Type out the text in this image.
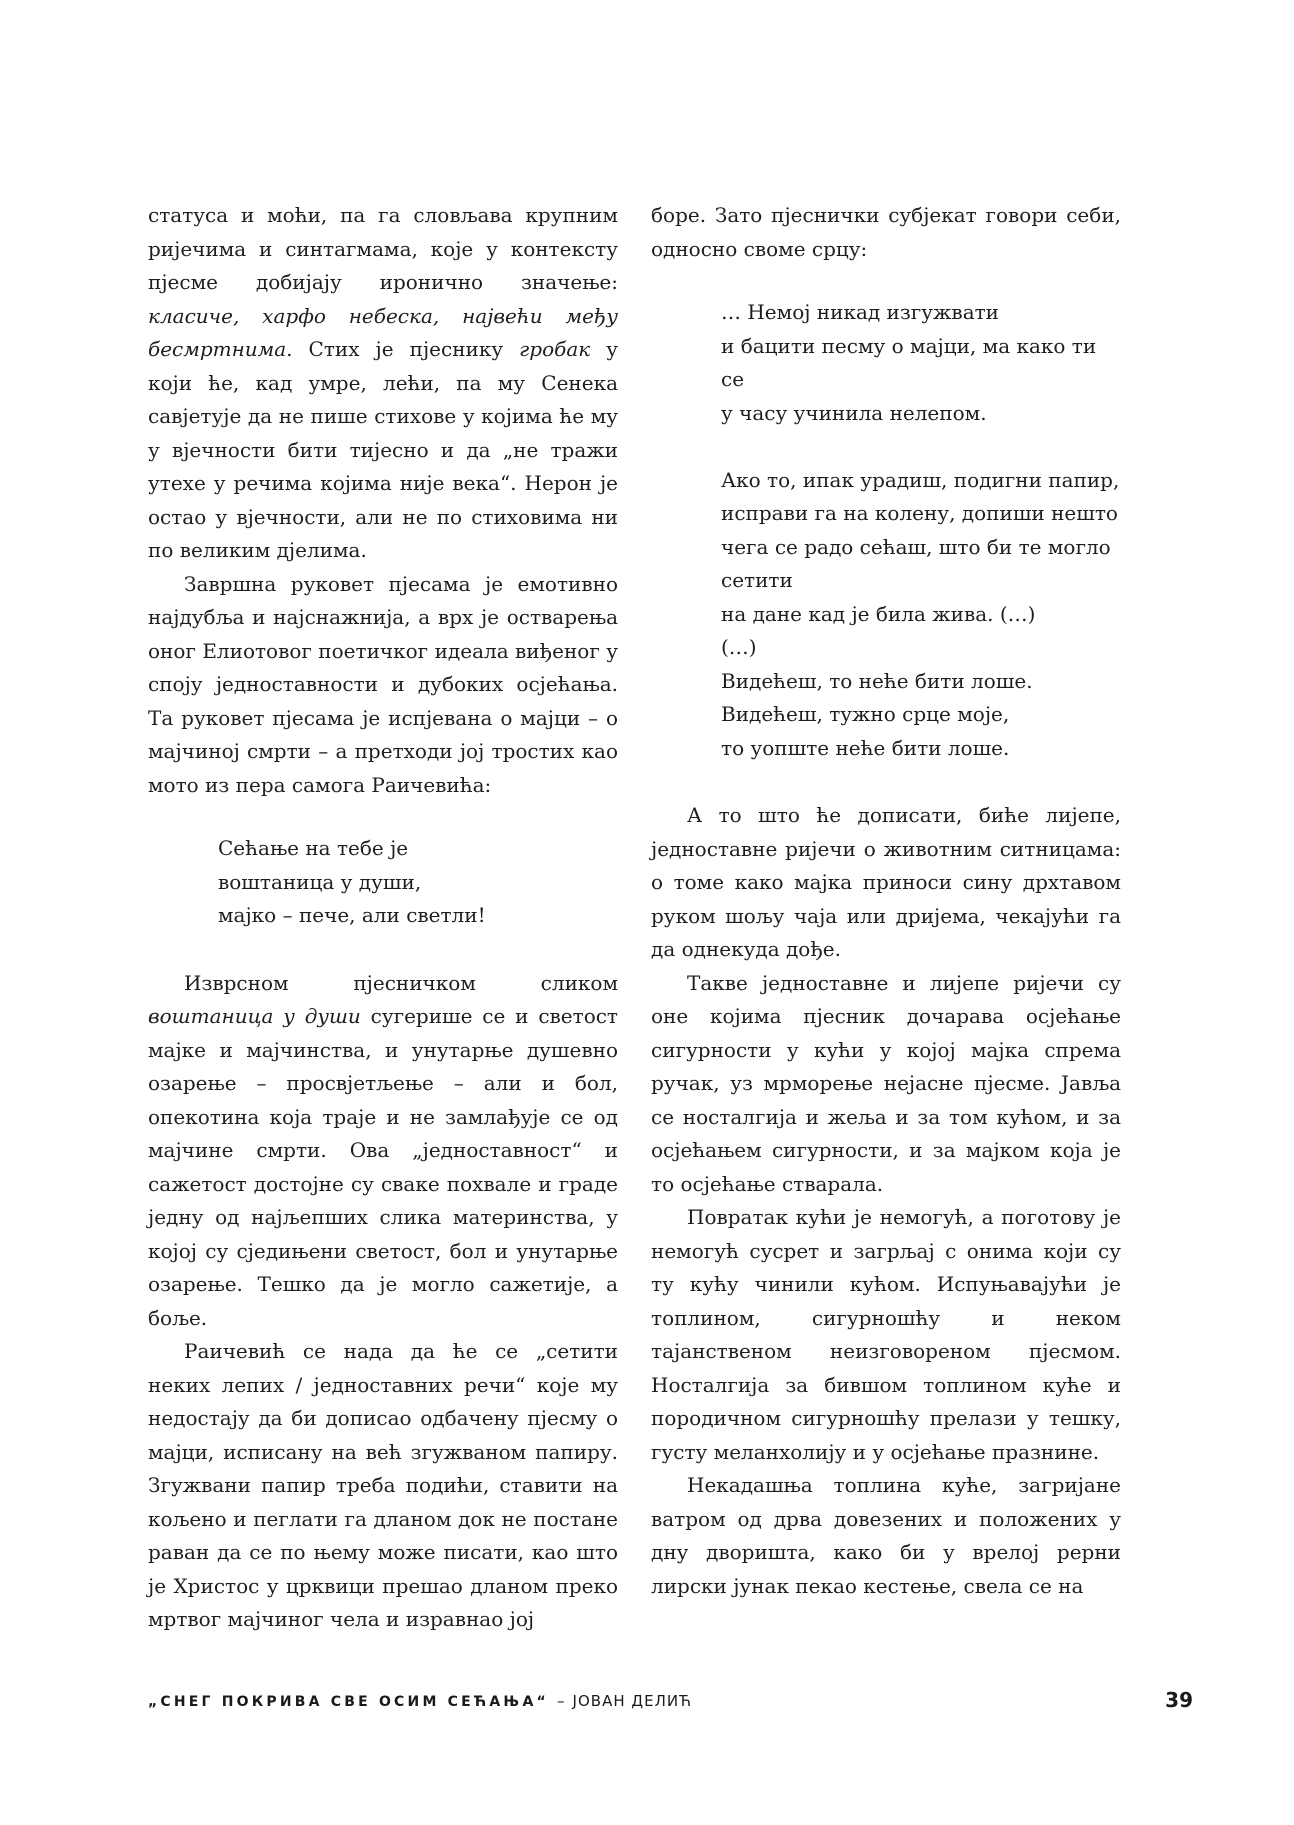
статуса и моћи, па га словљава крупним ријечима и синтагмама, које у контексту пјесме добијају иронично значење: класиче, харфо небеска, највећи међу бесмртнима. Стих је пјеснику гробак у који ће, кад умре, лећи, па му Сенека савјетује да не пише стихове у којима ће му у вјечности бити тијесно и да „не тражи утехе у речима којима није века“. Нерон је остао у вјечности, али не по стиховима ни по великим дјелима.

Завршна руковет пјесама је емотивно најдубља и најснажнија, а врх је остварења оног Елиотовог поетичког идеала виђеног у споју једноставности и дубоких осјећања. Та руковет пјесама је испјевана о мајци – о мајчиној смрти – а претходи јој тростих као мото из пера самога Раичевића:

Сећање на тебе је
воштаница у души,
мајко – пече, али светли!

Изврсном пјесничком сликом воштаница у души сугерише се и светост мајке и мајчинства, и унутарње душевно озарење – просвјетљење – али и бол, опекотина која траје и не замлађује се од мајчине смрти. Ова „једноставност“ и сажетост достојне су сваке похвале и граде једну од најљепших слика материнства, у којој су сједињени светост, бол и унутарње озарење. Тешко да је могло сажетије, а боље.

Раичевић се нада да ће се „сетити неких лепих / једноставних речи“ које му недостају да би дописао одбачену пјесму о мајци, исписану на већ згужваном папиру. Згужвани папир треба подићи, ставити на кољено и пеглати га дланом док не постане раван да се по њему може писати, као што је Христос у црквици прешао дланом преко мртвог мајчиног чела и изравнао јој

боре. Зато пјеснички субјекат говори себи, односно своме срцу:

… Немој никад изгужвати
и бацити песму о мајци, ма како ти
се
у часу учинила нелепом.
Ако то, ипак урадиш, подигни папир,
исправи га на колену, допиши нешто
чега се радо сећаш, што би те могло
сетити
на дане кад је била жива. (…)
(…)
Видећеш, то неће бити лоше.
Видећеш, тужно срце моје,
то уопште неће бити лоше.

А то што ће дописати, биће лијепе, једноставне ријечи о животним ситницама: о томе како мајка приноси сину дрхтавом руком шољу чаја или дријема, чекајући га да однекуда дође.

Такве једноставне и лијепе ријечи су оне којима пјесник дочарава осјећање сигурности у кући у којој мајка спрема ручак, уз мрморење нејасне пјесме. Јавља се носталгија и жеља и за том кућом, и за осјећањем сигурности, и за мајком која је то осјећање стварала.

Повратак кући је немогућ, а поготову је немогућ сусрет и загрљај с онима који су ту кућу чинили кућом. Испуњавајући је топлином, сигурношћу и неком тајанственом неизговореном пјесмом. Носталгија за бившом топлином куће и породичном сигурношћу прелази у тешку, густу меланхолију и у осјећање празнине.

Некадашња топлина куће, загријане ватром од дрва довезених и положених у дну дворишта, како би у врелој рерни лирски јунак пекао кестење, свела се на

„СНЕГ ПОКРИВА СВЕ ОСИМ СЕЋАЊА“ – ЈОВАН ДЕЛИЋ	39
